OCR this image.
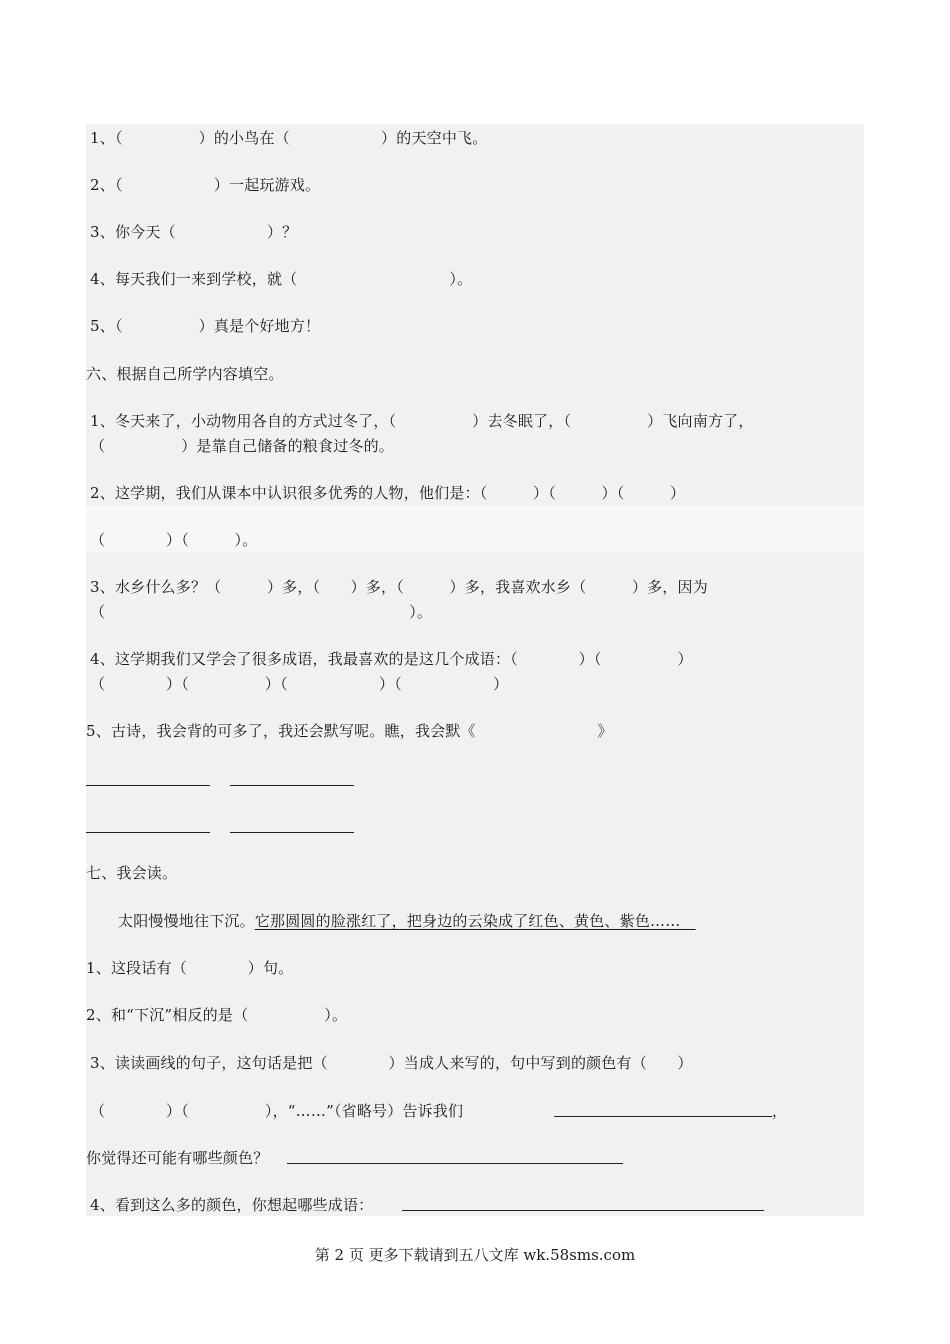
1、（　　　　　）的小鸟在（　　　　　　）的天空中飞。
2、（　　　　　　）一起玩游戏。
3、你今天（　　　　　　）？
4、每天我们一来到学校，就（　　　　　　　　　　）。
5、（　　　　　）真是个好地方！
六、根据自己所学内容填空。
1、冬天来了，小动物用各自的方式过冬了，（　　　　　）去冬眠了，（　　　　　）飞向南方了，
（　　　　　）是靠自己储备的粮食过冬的。
2、这学期，我们从课本中认识很多优秀的人物，他们是：（　　　）（　　　）（　　　）
（　　　　）（　　　）。
3、水乡什么多？（　　　）多，（　　）多，（　　　）多，我喜欢水乡（　　　）多，因为
（　　　　　　　　　　　　　　　　　　　　）。
4、这学期我们又学会了很多成语，我最喜欢的是这几个成语：（　　　　）（　　　　　）
（　　　　）（　　　　　）（　　　　　　）（　　　　　　）
5、古诗，我会背的可多了，我还会默写呢。瞧，我会默《　　　　　　　　》
七、我会读。
太阳慢慢地往下沉。它那圆圆的脸涨红了，把身边的云染成了红色、黄色、紫色……　
1、这段话有（　　　　）句。
2、和“下沉”相反的是（　　　　　）。
3、读读画线的句子，这句话是把（　　　　）当成人来写的，句中写到的颜色有（　　）
（　　　　）（　　　　　），“……”（省略号）告诉我们	，
你觉得还可能有哪些颜色？
4、看到这么多的颜色，你想起哪些成语：
第 2 页 更多下载请到五八文库 wk.58sms.com
